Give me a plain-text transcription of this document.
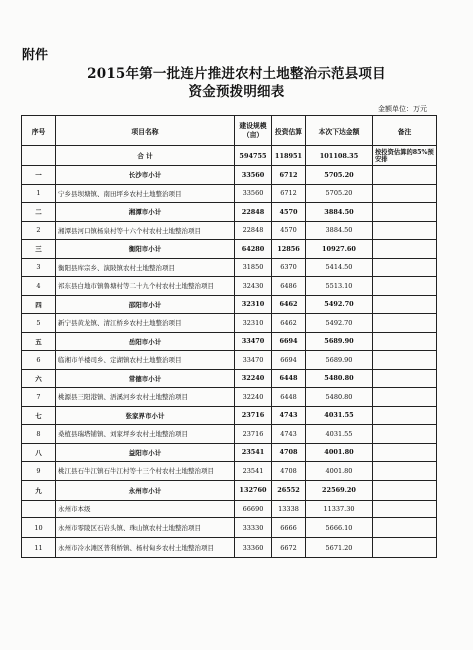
附件
2015年第一批连片推进农村土地整治示范县项目
资金预拨明细表
金额单位：万元
序号	项目名称	建设规模（亩）	投资估算	本次下达金额	备注
	合 计	594755	118951	101108.35	按投资估算的85%预安排
一	长沙市小计	33560	6712	5705.20	
1	宁乡县坝塘镇、南田坪乡农村土地整治项目	33560	6712	5705.20	
二	湘潭市小计	22848	4570	3884.50	
2	湘潭县河口镇杨泉村等十六个村农村土地整治项目	22848	4570	3884.50	
三	衡阳市小计	64280	12856	10927.60	
3	衡阳县库宗乡、演陂镇农村土地整治项目	31850	6370	5414.50	
4	祁东县白地市镇鲁塘村等二十九个村农村土地整治项目	32430	6486	5513.10	
四	邵阳市小计	32310	6462	5492.70	
5	新宁县黄龙镇、清江桥乡农村土地整治项目	32310	6462	5492.70	
五	岳阳市小计	33470	6694	5689.90	
6	临湘市羊楼司乡、定湖镇农村土地整治项目	33470	6694	5689.90	
六	常德市小计	32240	6448	5480.80	
7	桃源县三阳港镇、浯溪河乡农村土地整治项目	32240	6448	5480.80	
七	张家界市小计	23716	4743	4031.55	
8	桑植县瑞塔铺镇、刘家坪乡农村土地整治项目	23716	4743	4031.55	
八	益阳市小计	23541	4708	4001.80	
9	桃江县石牛江镇石牛江村等十三个村农村土地整治项目	23541	4708	4001.80	
九	永州市小计	132760	26552	22569.20	
	永州市本级	66690	13338	11337.30	
10	永州市零陵区石岩头镇、珠山镇农村土地整治项目	33330	6666	5666.10	
11	永州市冷水滩区普利桥镇、杨村甸乡农村土地整治项目	33360	6672	5671.20	
